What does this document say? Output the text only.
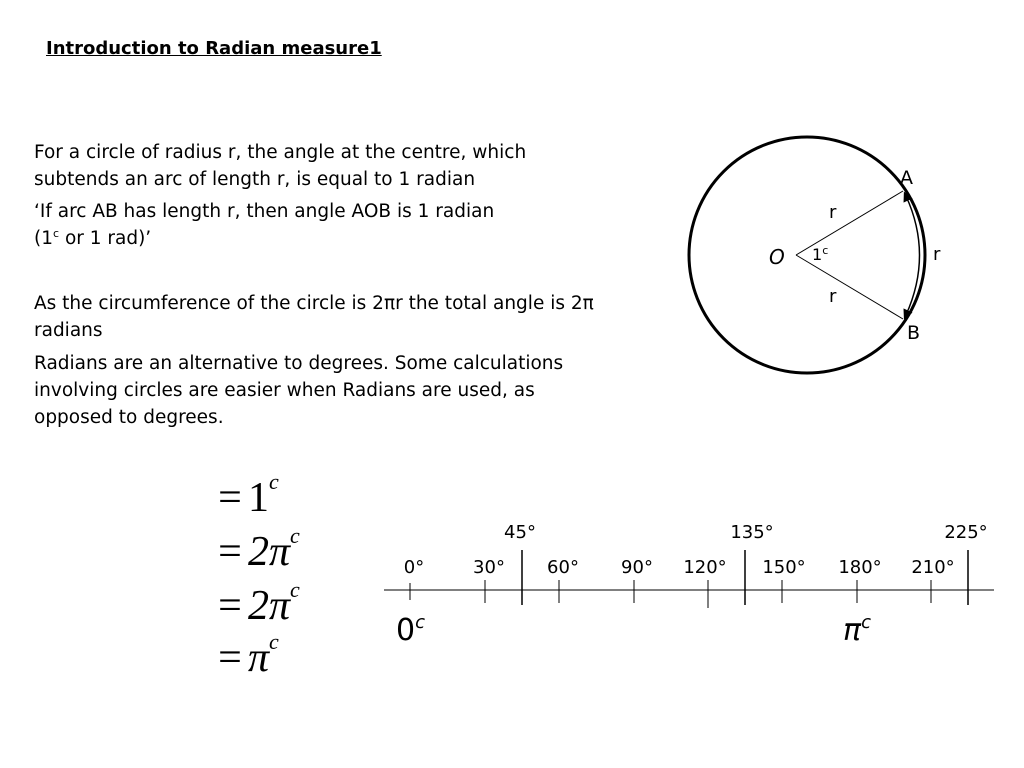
Introduction to Radian measure1
For a circle of radius r, the angle at the centre, which subtends an arc of length r, is equal to 1 radian
‘If arc AB has length r, then angle AOB is 1 radian
(1$^c$ or 1 rad)’
As the circumference of the circle is 2πr the total angle is 2π radians
Radians are an alternative to degrees. Some calculations involving circles are easier when Radians are used, as opposed to degrees.
O
A
B
r
r
r
1$^c$
45°	135°	225°
0°	30° 60° 90° 120° 150° 180° 210°
0$^c$	$\pi^c$
= $1^c$
= $2\pi^c$
= $2\pi^c$
= $\pi^c$
